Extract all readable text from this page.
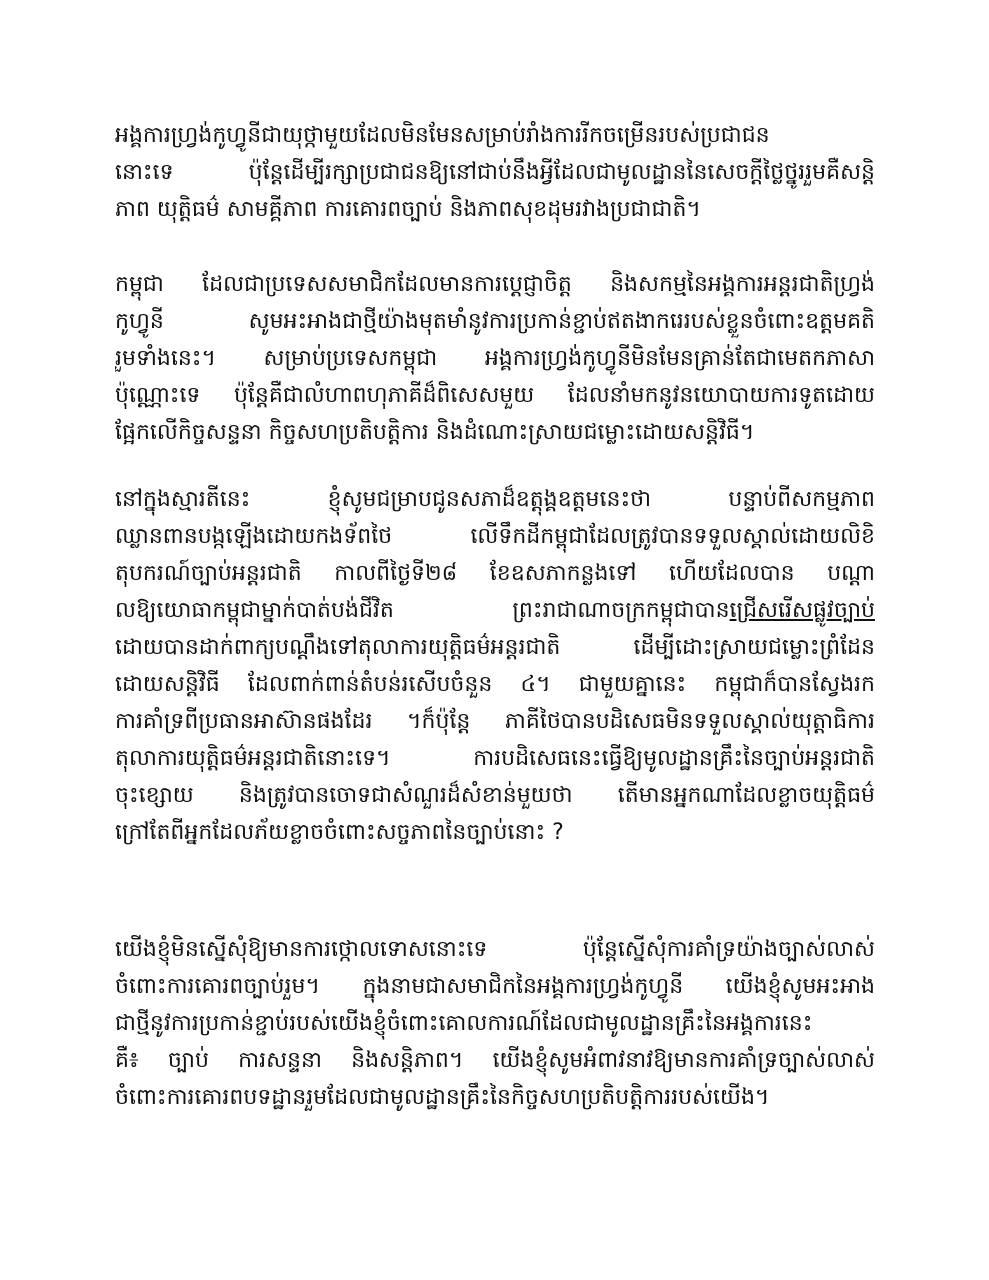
អង្គការហ្វ្រង់កូហ្វូនីជាយុថ្កាមួយដែលមិនមែនសម្រាប់រាំងការរីកចម្រើនរបស់ប្រជាជន
នោះទេ ប៉ុន្តែដើម្បីរក្សាប្រជាជនឱ្យនៅជាប់នឹងអ្វីដែលជាមូលដ្ឋាននៃសេចក្តីថ្លៃថ្នូររួមគឺសន្តិ
ភាព យុត្តិធម៌ សាមគ្គីភាព ការគោរពច្បាប់ និងភាពសុខដុមរវាងប្រជាជាតិ។
កម្ពុជា ដែលជាប្រទេសសមាជិកដែលមានការប្តេជ្ញាចិត្ត និងសកម្មនៃអង្គការអន្តរជាតិហ្វ្រង់
កូហ្វូនី សូមអះអាងជាថ្មីយ៉ាងមុតមាំនូវការប្រកាន់ខ្ជាប់ឥតងាករេរបស់ខ្លួនចំពោះឧត្តមគតិ
រួមទាំងនេះ។ សម្រាប់ប្រទេសកម្ពុជា អង្គការហ្វ្រង់កូហ្វូនីមិនមែនគ្រាន់តែជាមេតកភាសា
ប៉ុណ្ណោះទេ ប៉ុន្តែគឺជាលំហាពហុភាគីដ៏ពិសេសមួយ ដែលនាំមកនូវនយោបាយការទូតដោយ
ផ្អែកលើកិច្ចសន្ទនា កិច្ចសហប្រតិបត្តិការ និងដំណោះស្រាយជម្លោះដោយសន្តិវិធី។
នៅក្នុងស្មារតីនេះ ខ្ញុំសូមជម្រាបជូនសភាដ៏ឧត្តុង្គឧត្តមនេះថា បន្ទាប់ពីសកម្មភាព
ឈ្លានពានបង្កឡើងដោយកងទ័ពថៃ លើទឹកដីកម្ពុជាដែលត្រូវបានទទួលស្គាល់ដោយលិខិ
តុបករណ៍ច្បាប់អន្តរជាតិ កាលពីថ្ងៃទី២៨ ខែឧសភាកន្លងទៅ ហើយដែលបាន បណ្តា
លឱ្យយោធាកម្ពុជាម្នាក់បាត់បង់ជីវិត ព្រះរាជាណាចក្រកម្ពុជាបានជ្រើសរើសផ្លូវច្បាប់
ដោយបានដាក់ពាក្យបណ្តឹងទៅតុលាការយុត្តិធម៌អន្តរជាតិ ដើម្បីដោះស្រាយជម្លោះព្រំដែន
ដោយសន្តិវិធី ដែលពាក់ពាន់តំបន់រសើបចំនួន ៤។ ជាមួយគ្នានេះ កម្ពុជាក៏បានស្វែងរក
ការគាំទ្រពីប្រធានអាស៊ានផងដែរ ។ក៏ប៉ុន្តែ ភាគីថៃបានបដិសេធមិនទទួលស្គាល់យុត្តាធិការ
តុលាការយុត្តិធម៌អន្តរជាតិនោះទេ។ ការបដិសេធនេះធ្វើឱ្យមូលដ្ឋានគ្រឹះនៃច្បាប់អន្តរជាតិ
ចុះខ្សោយ និងត្រូវបានចោទជាសំណួរដ៏សំខាន់មួយថា តើមានអ្នកណាដែលខ្លាចយុត្តិធម៌
ក្រៅតែពីអ្នកដែលភ័យខ្លាចចំពោះសច្ចភាពនៃច្បាប់នោះ ?
យើងខ្ញុំមិនស្នើសុំឱ្យមានការថ្កោលទោសនោះទេ ប៉ុន្តែស្នើសុំការគាំទ្រយ៉ាងច្បាស់លាស់
ចំពោះការគោរពច្បាប់រួម។ ក្នុងនាមជាសមាជិកនៃអង្គការហ្វ្រង់កូហ្វូនី យើងខ្ញុំសូមអះអាង
ជាថ្មីនូវការប្រកាន់ខ្ជាប់របស់យើងខ្ញុំចំពោះគោលការណ៍ដែលជាមូលដ្ឋានគ្រឹះនៃអង្គការនេះ
គឺ៖ ច្បាប់ ការសន្ទនា និងសន្តិភាព។ យើងខ្ញុំសូមអំពាវនាវឱ្យមានការគាំទ្រច្បាស់លាស់
ចំពោះការគោរពបទដ្ឋានរួមដែលជាមូលដ្ឋានគ្រឹះនៃកិច្ចសហប្រតិបត្តិការរបស់យើង។
